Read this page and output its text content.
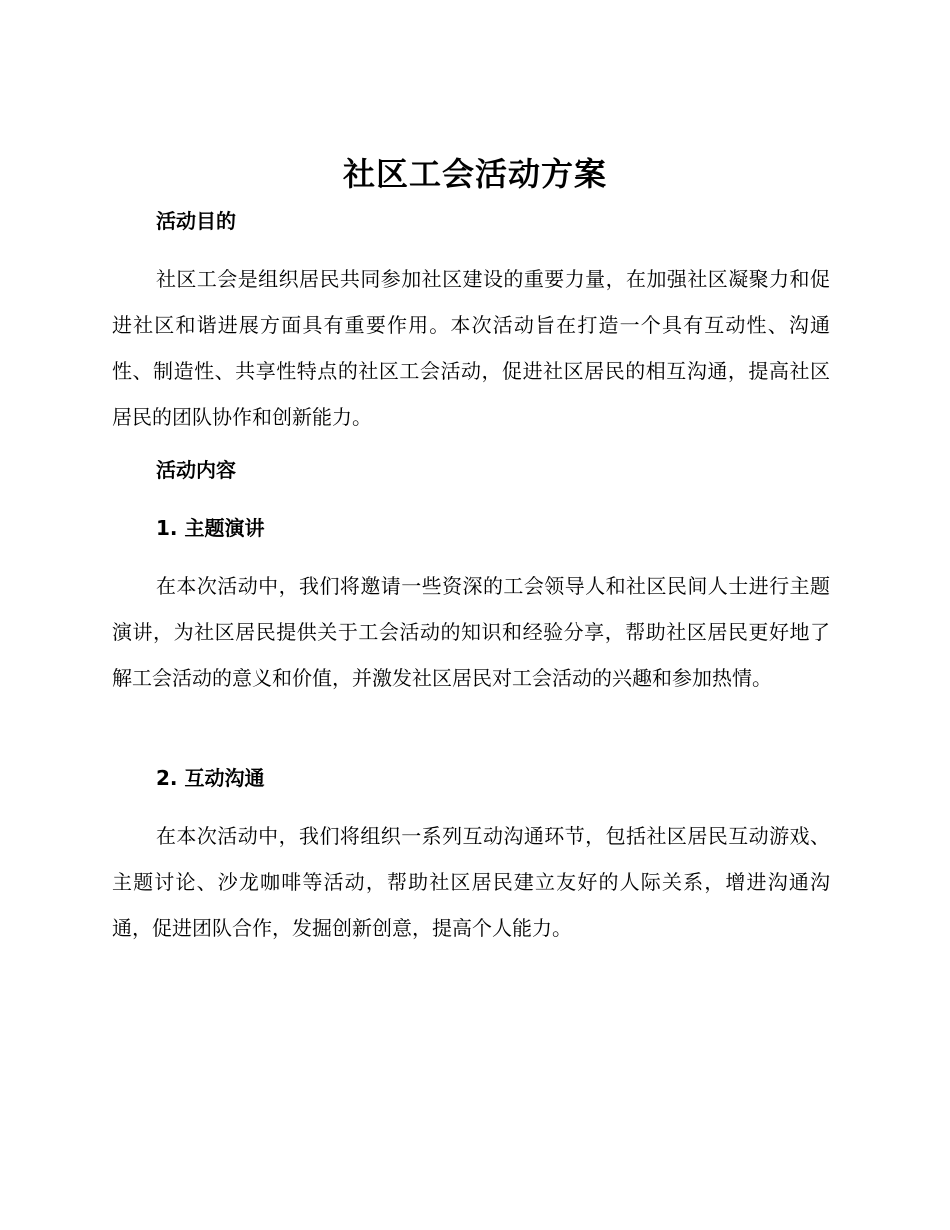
社区工会活动方案
活动目的
社区工会是组织居民共同参加社区建设的重要力量，在加强社区凝聚力和促进社区和谐进展方面具有重要作用。本次活动旨在打造一个具有互动性、沟通性、制造性、共享性特点的社区工会活动，促进社区居民的相互沟通，提高社区居民的团队协作和创新能力。
活动内容
1. 主题演讲
在本次活动中，我们将邀请一些资深的工会领导人和社区民间人士进行主题演讲，为社区居民提供关于工会活动的知识和经验分享，帮助社区居民更好地了解工会活动的意义和价值，并激发社区居民对工会活动的兴趣和参加热情。
2. 互动沟通
在本次活动中，我们将组织一系列互动沟通环节，包括社区居民互动游戏、主题讨论、沙龙咖啡等活动，帮助社区居民建立友好的人际关系，增进沟通沟通，促进团队合作，发掘创新创意，提高个人能力。
